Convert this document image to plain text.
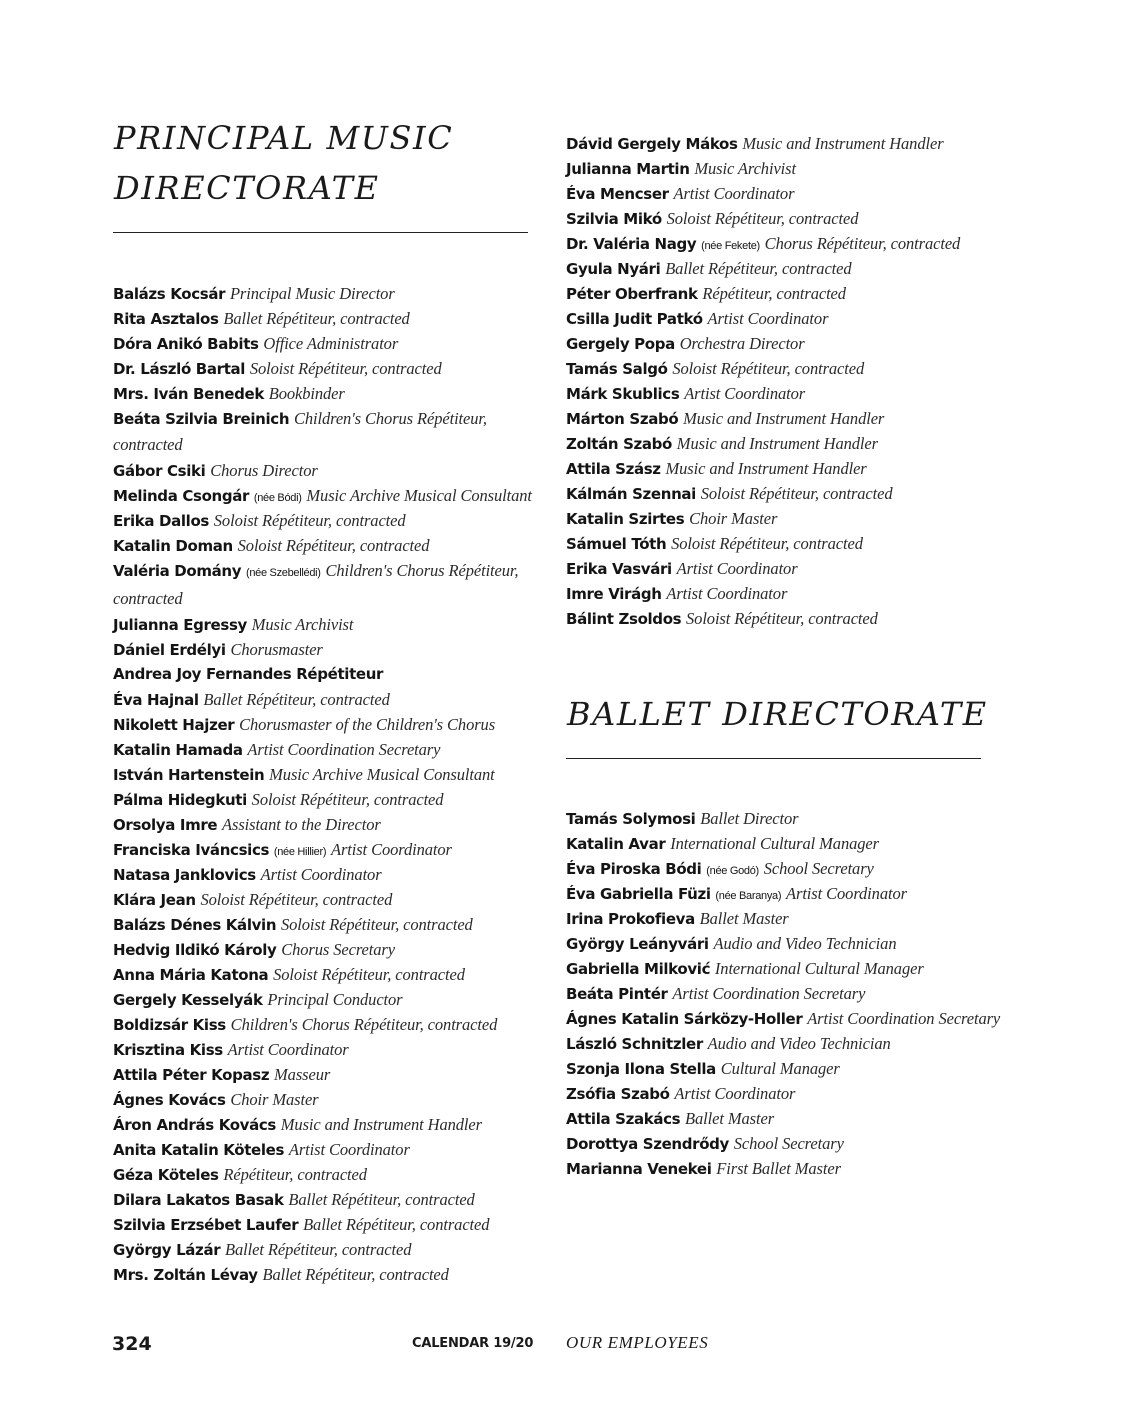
PRINCIPAL MUSIC DIRECTORATE
Balázs Kocsár Principal Music Director
Rita Asztalos Ballet Répétiteur, contracted
Dóra Anikó Babits Office Administrator
Dr. László Bartal Soloist Répétiteur, contracted
Mrs. Iván Benedek Bookbinder
Beáta Szilvia Breinich Children's Chorus Répétiteur, contracted
Gábor Csiki Chorus Director
Melinda Csongár (née Bódi) Music Archive Musical Consultant
Erika Dallos Soloist Répétiteur, contracted
Katalin Doman Soloist Répétiteur, contracted
Valéria Domány (née Szebellédi) Children's Chorus Répétiteur, contracted
Julianna Egressy Music Archivist
Dániel Erdélyi Chorusmaster
Andrea Joy Fernandes Répétiteur
Éva Hajnal Ballet Répétiteur, contracted
Nikolett Hajzer Chorusmaster of the Children's Chorus
Katalin Hamada Artist Coordination Secretary
István Hartenstein Music Archive Musical Consultant
Pálma Hidegkuti Soloist Répétiteur, contracted
Orsolya Imre Assistant to the Director
Franciska Iváncsics (née Hillier) Artist Coordinator
Natasa Janklovics Artist Coordinator
Klára Jean Soloist Répétiteur, contracted
Balázs Dénes Kálvin Soloist Répétiteur, contracted
Hedvig Ildikó Károly Chorus Secretary
Anna Mária Katona Soloist Répétiteur, contracted
Gergely Kesselyák Principal Conductor
Boldizsár Kiss Children's Chorus Répétiteur, contracted
Krisztina Kiss Artist Coordinator
Attila Péter Kopasz Masseur
Ágnes Kovács Choir Master
Áron András Kovács Music and Instrument Handler
Anita Katalin Köteles Artist Coordinator
Géza Köteles Répétiteur, contracted
Dilara Lakatos Basak Ballet Répétiteur, contracted
Szilvia Erzsébet Laufer Ballet Répétiteur, contracted
György Lázár Ballet Répétiteur, contracted
Mrs. Zoltán Lévay Ballet Répétiteur, contracted
Dávid Gergely Mákos Music and Instrument Handler
Julianna Martin Music Archivist
Éva Mencser Artist Coordinator
Szilvia Mikó Soloist Répétiteur, contracted
Dr. Valéria Nagy (née Fekete) Chorus Répétiteur, contracted
Gyula Nyári Ballet Répétiteur, contracted
Péter Oberfrank Répétiteur, contracted
Csilla Judit Patkó Artist Coordinator
Gergely Popa Orchestra Director
Tamás Salgó Soloist Répétiteur, contracted
Márk Skublics Artist Coordinator
Márton Szabó Music and Instrument Handler
Zoltán Szabó Music and Instrument Handler
Attila Szász Music and Instrument Handler
Kálmán Szennai Soloist Répétiteur, contracted
Katalin Szirtes Choir Master
Sámuel Tóth Soloist Répétiteur, contracted
Erika Vasvári Artist Coordinator
Imre Virágh Artist Coordinator
Bálint Zsoldos Soloist Répétiteur, contracted
BALLET DIRECTORATE
Tamás Solymosi Ballet Director
Katalin Avar International Cultural Manager
Éva Piroska Bódi (née Godó) School Secretary
Éva Gabriella Füzi (née Baranya) Artist Coordinator
Irina Prokofieva Ballet Master
György Leányvári Audio and Video Technician
Gabriella Milković International Cultural Manager
Beáta Pintér Artist Coordination Secretary
Ágnes Katalin Sárközy-Holler Artist Coordination Secretary
László Schnitzler Audio and Video Technician
Szonja Ilona Stella Cultural Manager
Zsófia Szabó Artist Coordinator
Attila Szakács Ballet Master
Dorottya Szendrődy School Secretary
Marianna Venekei First Ballet Master
324	CALENDAR 19/20 OUR EMPLOYEES
